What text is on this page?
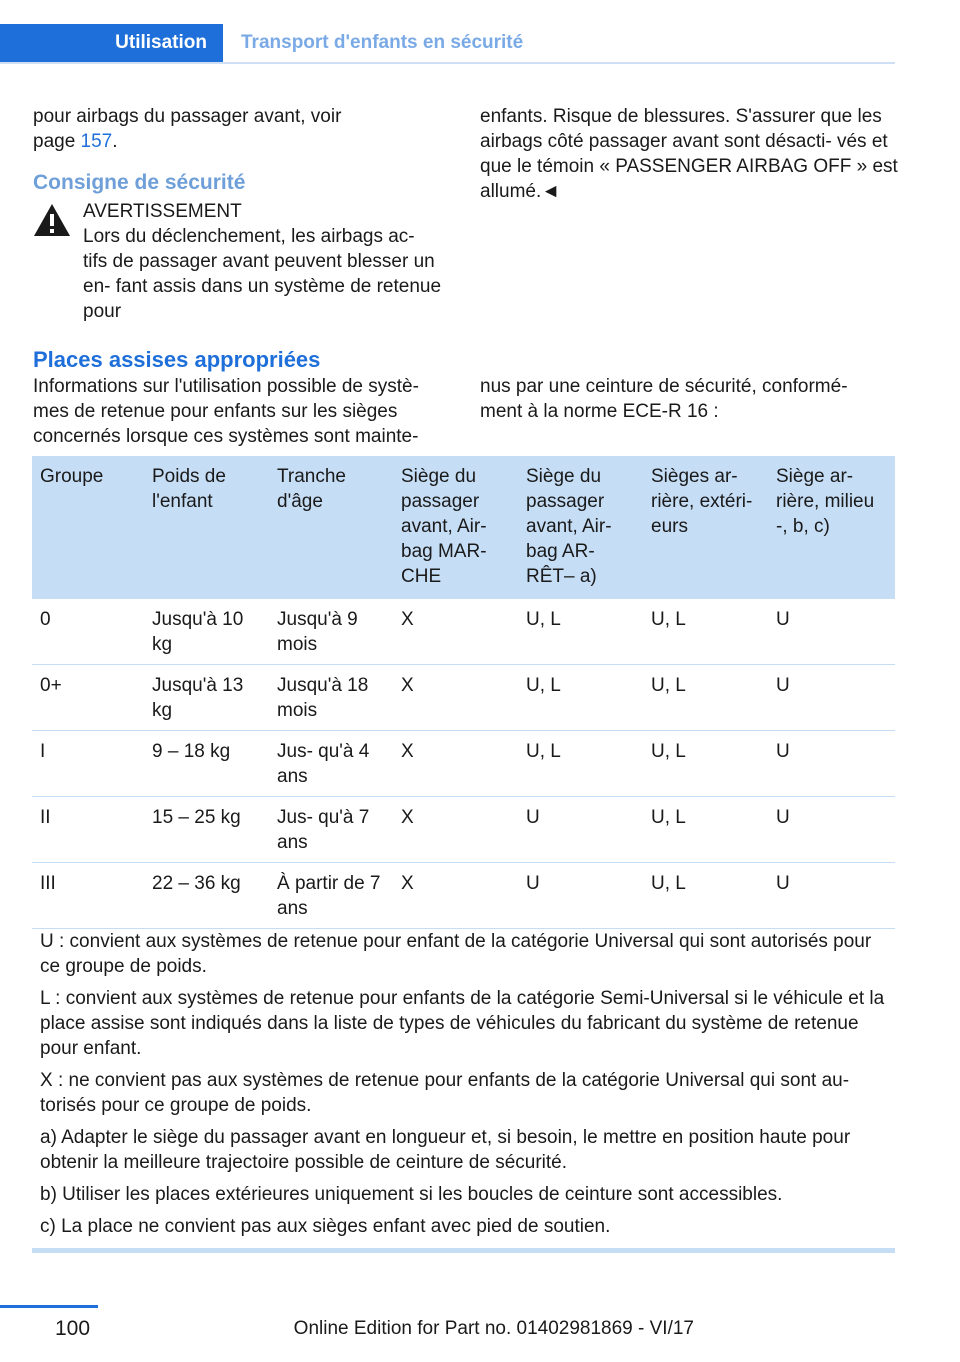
Utilisation	Transport d'enfants en sécurité

pour airbags du passager avant, voir

page 157.

Consigne de sécurité

AVERTISSEMENT

Lors du déclenchement, les airbags ac-

tifs de passager avant peuvent blesser un en- fant assis dans un système de retenue pour

enfants. Risque de blessures. S'assurer que les airbags côté passager avant sont désacti- vés et que le témoin « PASSENGER AIRBAG OFF » est allumé.◄

Places assises appropriées
Informations sur l'utilisation possible de systè- mes de retenue pour enfants sur les sièges concernés lorsque ces systèmes sont mainte-
nus par une ceinture de sécurité, conformé- ment à la norme ECE-R 16 :
Groupe	Poids de l'enfant	Tranche d'âge	Siège du passager avant, Air- bag MAR- CHE	Siège du passager avant, Air- bag AR- RÊT– a)	Sièges ar- rière, extéri- eurs	Siège ar- rière, milieu -, b, c)
0	Jusqu'à 10 kg	Jusqu'à 9 mois	X	U, L	U, L	U
0+	Jusqu'à 13 kg	Jusqu'à 18 mois	X	U, L	U, L	U
I	9 – 18 kg	Jus- qu'à 4 ans	X	U, L	U, L	U
II	15 – 25 kg	Jus- qu'à 7 ans	X	U	U, L	U
III	22 – 36 kg	À partir de 7 ans	X	U	U, L	U

U : convient aux systèmes de retenue pour enfant de la catégorie Universal qui sont autorisés pour ce groupe de poids.

L : convient aux systèmes de retenue pour enfants de la catégorie Semi-Universal si le véhicule et la place assise sont indiqués dans la liste de types de véhicules du fabricant du système de retenue pour enfant.

X : ne convient pas aux systèmes de retenue pour enfants de la catégorie Universal qui sont au- torisés pour ce groupe de poids.

a) Adapter le siège du passager avant en longueur et, si besoin, le mettre en position haute pour obtenir la meilleure trajectoire possible de ceinture de sécurité.

b) Utiliser les places extérieures uniquement si les boucles de ceinture sont accessibles.

c) La place ne convient pas aux sièges enfant avec pied de soutien.

100	Online Edition for Part no. 01402981869 - VI/17
